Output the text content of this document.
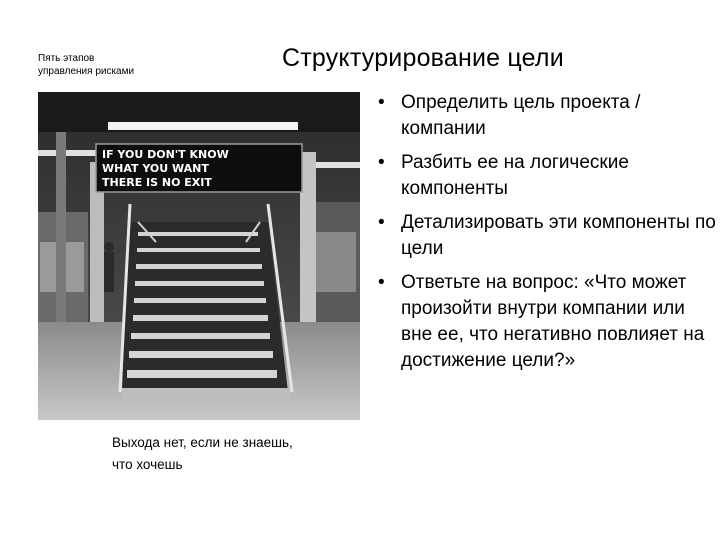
Пять этапов
управления рисками	Структурирование цели
IF YOU DON'T KNOW
WHAT YOU WANT
THERE IS NO EXIT
Выхода нет, если не знаешь, что хочешь
• Определить цель проекта / компании
• Разбить ее на логические компоненты
• Детализировать эти компоненты по цели
• Ответьте на вопрос: «Что может произойти внутри компании или вне ее, что негативно повлияет на достижение цели?»
